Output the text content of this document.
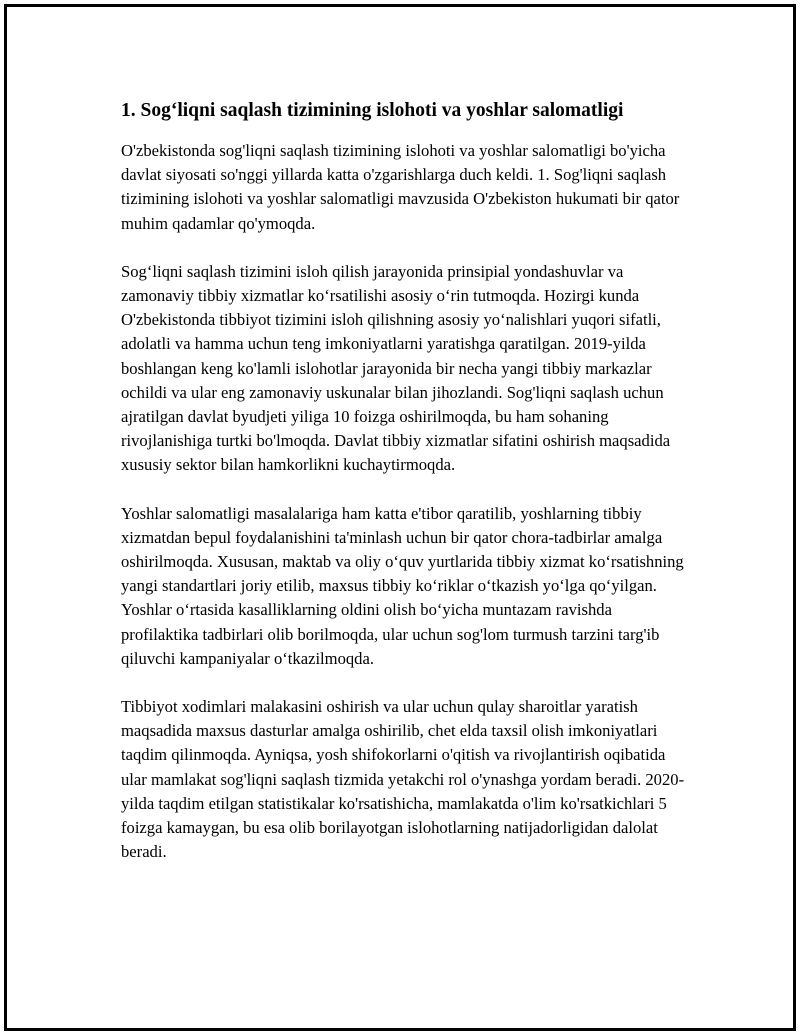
1. Sog‘liqni saqlash tizimining islohoti va yoshlar salomatligi

O'zbekistonda sog'liqni saqlash tizimining islohoti va yoshlar salomatligi bo'yicha davlat siyosati so'nggi yillarda katta o'zgarishlarga duch keldi. 1. Sog'liqni saqlash tizimining islohoti va yoshlar salomatligi mavzusida O'zbekiston hukumati bir qator muhim qadamlar qo'ymoqda.

Sog‘liqni saqlash tizimini isloh qilish jarayonida prinsipial yondashuvlar va zamonaviy tibbiy xizmatlar ko‘rsatilishi asosiy o‘rin tutmoqda. Hozirgi kunda O'zbekistonda tibbiyot tizimini isloh qilishning asosiy yo‘nalishlari yuqori sifatli, adolatli va hamma uchun teng imkoniyatlarni yaratishga qaratilgan. 2019-yilda boshlangan keng ko'lamli islohotlar jarayonida bir necha yangi tibbiy markazlar ochildi va ular eng zamonaviy uskunalar bilan jihozlandi. Sog'liqni saqlash uchun ajratilgan davlat byudjeti yiliga 10 foizga oshirilmoqda, bu ham sohaning rivojlanishiga turtki bo'lmoqda. Davlat tibbiy xizmatlar sifatini oshirish maqsadida xususiy sektor bilan hamkorlikni kuchaytirmoqda.

Yoshlar salomatligi masalalariga ham katta e'tibor qaratilib, yoshlarning tibbiy xizmatdan bepul foydalanishini ta'minlash uchun bir qator chora-tadbirlar amalga oshirilmoqda. Xususan, maktab va oliy o‘quv yurtlarida tibbiy xizmat ko‘rsatishning yangi standartlari joriy etilib, maxsus tibbiy ko‘riklar o‘tkazish yo‘lga qo‘yilgan. Yoshlar o‘rtasida kasalliklarning oldini olish bo‘yicha muntazam ravishda profilaktika tadbirlari olib borilmoqda, ular uchun sog'lom turmush tarzini targ'ib qiluvchi kampaniyalar o‘tkazilmoqda.

Tibbiyot xodimlari malakasini oshirish va ular uchun qulay sharoitlar yaratish maqsadida maxsus dasturlar amalga oshirilib, chet elda taxsil olish imkoniyatlari taqdim qilinmoqda. Ayniqsa, yosh shifokorlarni o'qitish va rivojlantirish oqibatida ular mamlakat sog'liqni saqlash tizmida yetakchi rol o'ynashga yordam beradi. 2020-yilda taqdim etilgan statistikalar ko'rsatishicha, mamlakatda o'lim ko'rsatkichlari 5 foizga kamaygan, bu esa olib borilayotgan islohotlarning natijadorligidan dalolat beradi.
